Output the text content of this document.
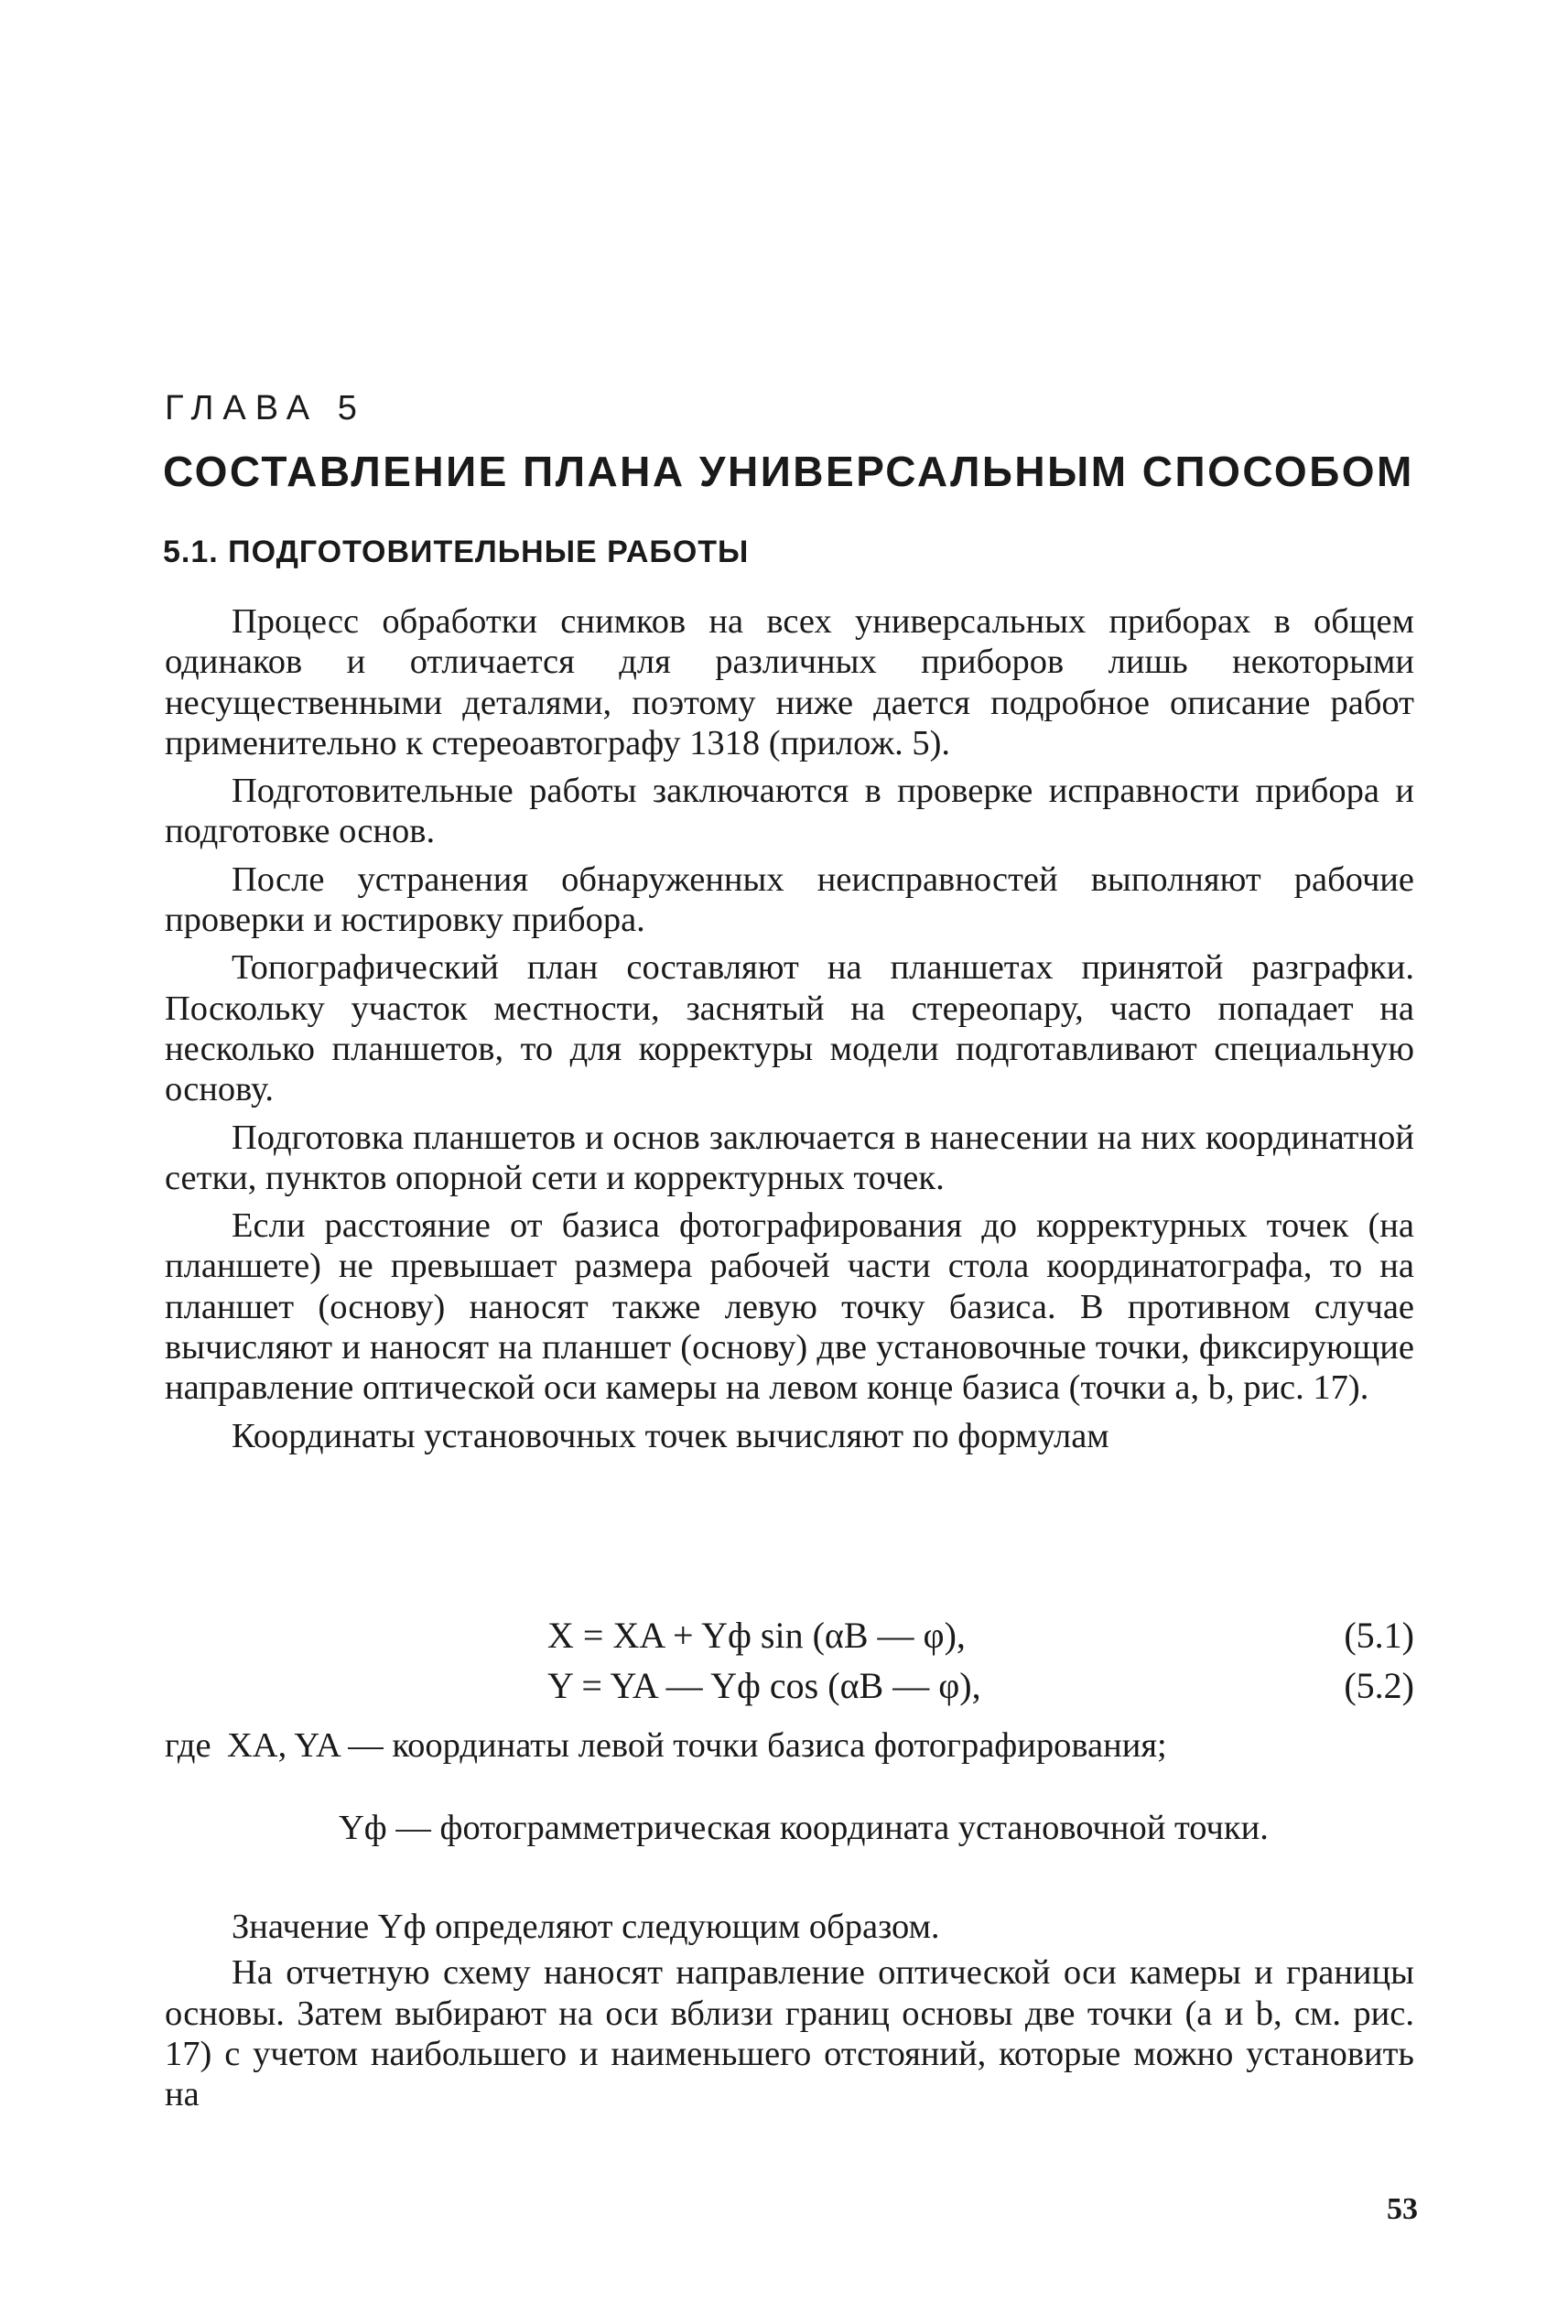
ГЛАВА 5
СОСТАВЛЕНИЕ ПЛАНА УНИВЕРСАЛЬНЫМ СПОСОБОМ
5.1. ПОДГОТОВИТЕЛЬНЫЕ РАБОТЫ

Процесс обработки снимков на всех универсальных приборах в общем одинаков и отличается для различных приборов лишь некоторыми несущественными деталями, поэтому ниже дается подробное описание работ применительно к стереоавтографу 1318 (прилож. 5).

Подготовительные работы заключаются в проверке исправности прибора и подготовке основ.

После устранения обнаруженных неисправностей выполняют рабочие проверки и юстировку прибора.

Топографический план составляют на планшетах принятой разграфки. Поскольку участок местности, заснятый на стереопару, часто попадает на несколько планшетов, то для корректуры модели подготавливают специальную основу.

Подготовка планшетов и основ заключается в нанесении на них координатной сетки, пунктов опорной сети и корректурных точек.

Если расстояние от базиса фотографирования до корректурных точек (на планшете) не превышает размера рабочей части стола координатографа, то на планшет (основу) наносят также левую точку базиса. В противном случае вычисляют и наносят на планшет (основу) две установочные точки, фиксирующие направление оптической оси камеры на левом конце базиса (точки a, b, рис. 17).

Координаты установочных точек вычисляют по формулам

X = XA + Yф sin (αB — φ),	(5.1)
Y = YA — Yф cos (αB — φ),	(5.2)
где XA, YA — координаты левой точки базиса фотографирования;
Yф — фотограмметрическая координата установочной точки.

Значение Yф определяют следующим образом.

На отчетную схему наносят направление оптической оси камеры и границы основы. Затем выбирают на оси вблизи границ основы две точки (a и b, см. рис. 17) с учетом наибольшего и наименьшего отстояний, которые можно установить на

53
